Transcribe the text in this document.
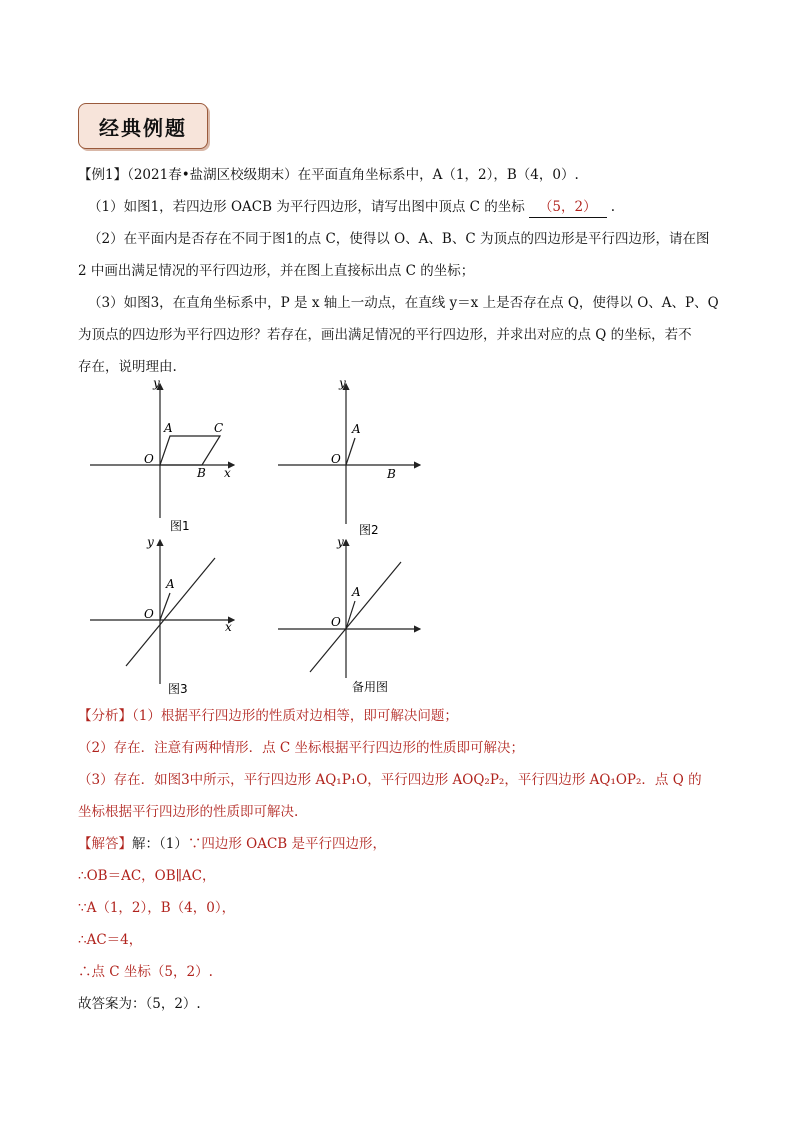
经典例题
【例1】（2021春•盐湖区校级期末）在平面直角坐标系中，A（1，2），B（4，0）.
（1）如图1，若四边形 OACB 为平行四边形，请写出图中顶点 C 的坐标 （5，2） .
（2）在平面内是否存在不同于图1的点 C，使得以 O、A、B、C 为顶点的四边形是平行四边形，请在图
2 中画出满足情况的平行四边形，并在图上直接标出点 C 的坐标；
（3）如图3，在直角坐标系中，P 是 x 轴上一动点，在直线 y＝x 上是否存在点 Q，使得以 O、A、P、Q
为顶点的四边形为平行四边形？若存在，画出满足情况的平行四边形，并求出对应的点 Q 的坐标，若不
存在，说明理由.
y
x
O
A	C
B
图1
y
O
A
B
图2
y
x
O
A
图3
y
O
A
备用图
【分析】（1）根据平行四边形的性质对边相等，即可解决问题；
（2）存在．注意有两种情形．点 C 坐标根据平行四边形的性质即可解决；
（3）存在．如图3中所示，平行四边形 AQ₁P₁O，平行四边形 AOQ₂P₂，平行四边形 AQ₁OP₂．点 Q 的
坐标根据平行四边形的性质即可解决.
【解答】解：（1）∵四边形 OACB 是平行四边形，
∴OB＝AC，OB∥AC，
∵A（1，2），B（4，0），
∴AC＝4，
∴点 C 坐标（5，2）.
故答案为：（5，2）.
